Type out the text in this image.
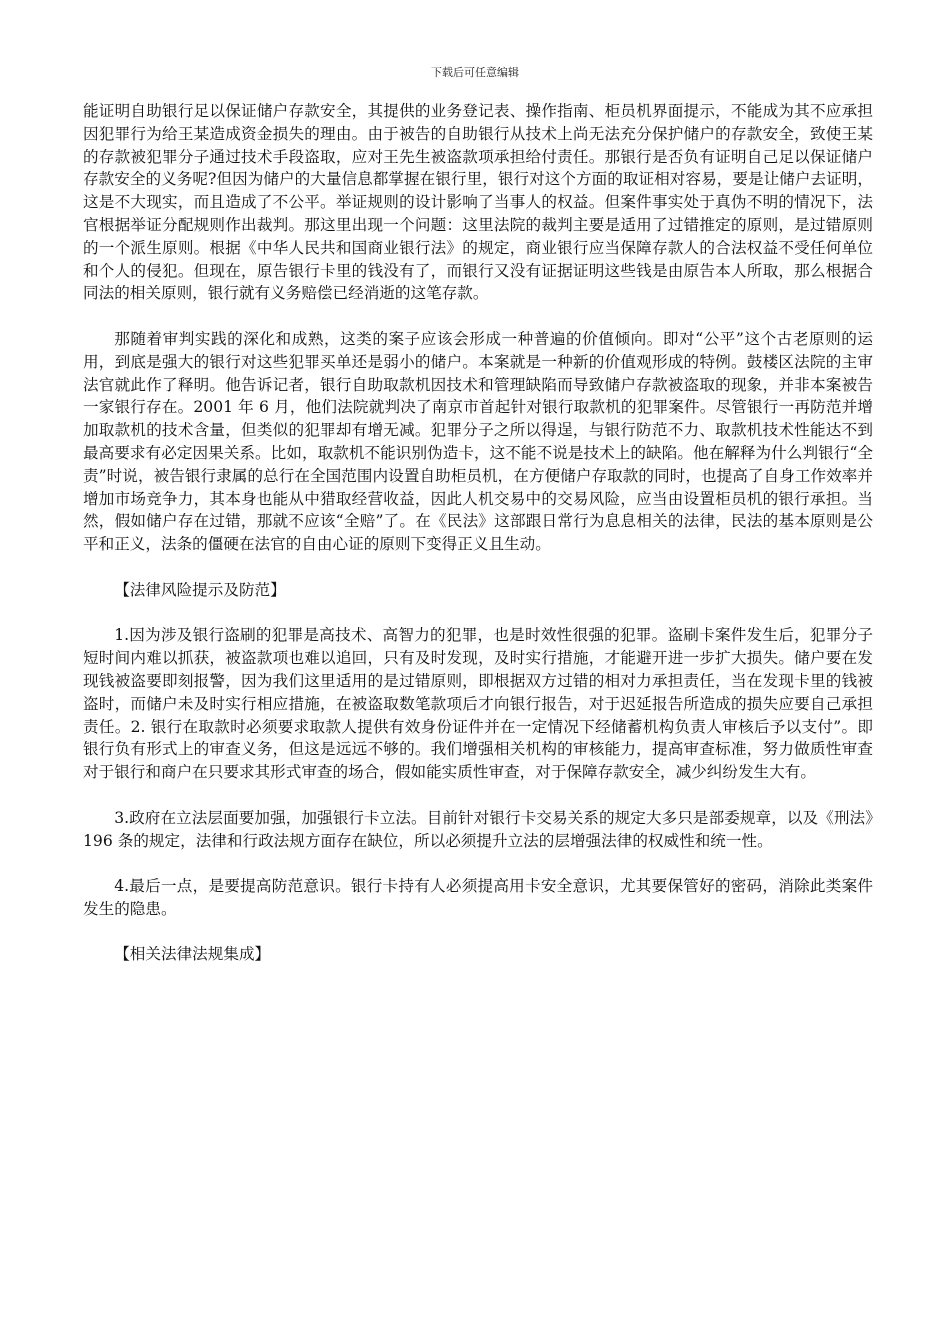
下载后可任意编辑

能证明自助银行足以保证储户存款安全，其提供的业务登记表、操作指南、柜员机界面提示，不能成为其不应承担因犯罪行为给王某造成资金损失的理由。由于被告的自助银行从技术上尚无法充分保护储户的存款安全，致使王某的存款被犯罪分子通过技术手段盗取，应对王先生被盗款项承担给付责任。那银行是否负有证明自己足以保证储户存款安全的义务呢?但因为储户的大量信息都掌握在银行里，银行对这个方面的取证相对容易，要是让储户去证明，这是不大现实，而且造成了不公平。举证规则的设计影响了当事人的权益。但案件事实处于真伪不明的情况下，法官根据举证分配规则作出裁判。那这里出现一个问题：这里法院的裁判主要是适用了过错推定的原则，是过错原则的一个派生原则。根据《中华人民共和国商业银行法》的规定，商业银行应当保障存款人的合法权益不受任何单位和个人的侵犯。但现在，原告银行卡里的钱没有了，而银行又没有证据证明这些钱是由原告本人所取，那么根据合同法的相关原则，银行就有义务赔偿已经消逝的这笔存款。

那随着审判实践的深化和成熟，这类的案子应该会形成一种普遍的价值倾向。即对“公平”这个古老原则的运用，到底是强大的银行对这些犯罪买单还是弱小的储户。本案就是一种新的价值观形成的特例。鼓楼区法院的主审法官就此作了释明。他告诉记者，银行自助取款机因技术和管理缺陷而导致储户存款被盗取的现象，并非本案被告一家银行存在。2001 年 6 月，他们法院就判决了南京市首起针对银行取款机的犯罪案件。尽管银行一再防范并增加取款机的技术含量，但类似的犯罪却有增无减。犯罪分子之所以得逞，与银行防范不力、取款机技术性能达不到最高要求有必定因果关系。比如，取款机不能识别伪造卡，这不能不说是技术上的缺陷。他在解释为什么判银行“全责”时说，被告银行隶属的总行在全国范围内设置自助柜员机，在方便储户存取款的同时，也提高了自身工作效率并增加市场竞争力，其本身也能从中猎取经营收益，因此人机交易中的交易风险，应当由设置柜员机的银行承担。当然，假如储户存在过错，那就不应该“全赔”了。在《民法》这部跟日常行为息息相关的法律，民法的基本原则是公平和正义，法条的僵硬在法官的自由心证的原则下变得正义且生动。

【法律风险提示及防范】

1.因为涉及银行盗刷的犯罪是高技术、高智力的犯罪，也是时效性很强的犯罪。盗刷卡案件发生后，犯罪分子短时间内难以抓获，被盗款项也难以追回，只有及时发现，及时实行措施，才能避开进一步扩大损失。储户要在发现钱被盗要即刻报警，因为我们这里适用的是过错原则，即根据双方过错的相对力承担责任，当在发现卡里的钱被盗时，而储户未及时实行相应措施，在被盗取数笔款项后才向银行报告，对于迟延报告所造成的损失应要自己承担责任。2. 银行在取款时必须要求取款人提供有效身份证件并在一定情况下经储蓄机构负责人审核后予以支付”。即银行负有形式上的审查义务，但这是远远不够的。我们增强相关机构的审核能力，提高审查标准，努力做质性审查对于银行和商户在只要求其形式审查的场合，假如能实质性审查，对于保障存款安全，减少纠纷发生大有。

3.政府在立法层面要加强，加强银行卡立法。目前针对银行卡交易关系的规定大多只是部委规章，以及《刑法》196 条的规定，法律和行政法规方面存在缺位，所以必须提升立法的层增强法律的权威性和统一性。

4.最后一点，是要提高防范意识。银行卡持有人必须提高用卡安全意识，尤其要保管好的密码，消除此类案件发生的隐患。

【相关法律法规集成】
